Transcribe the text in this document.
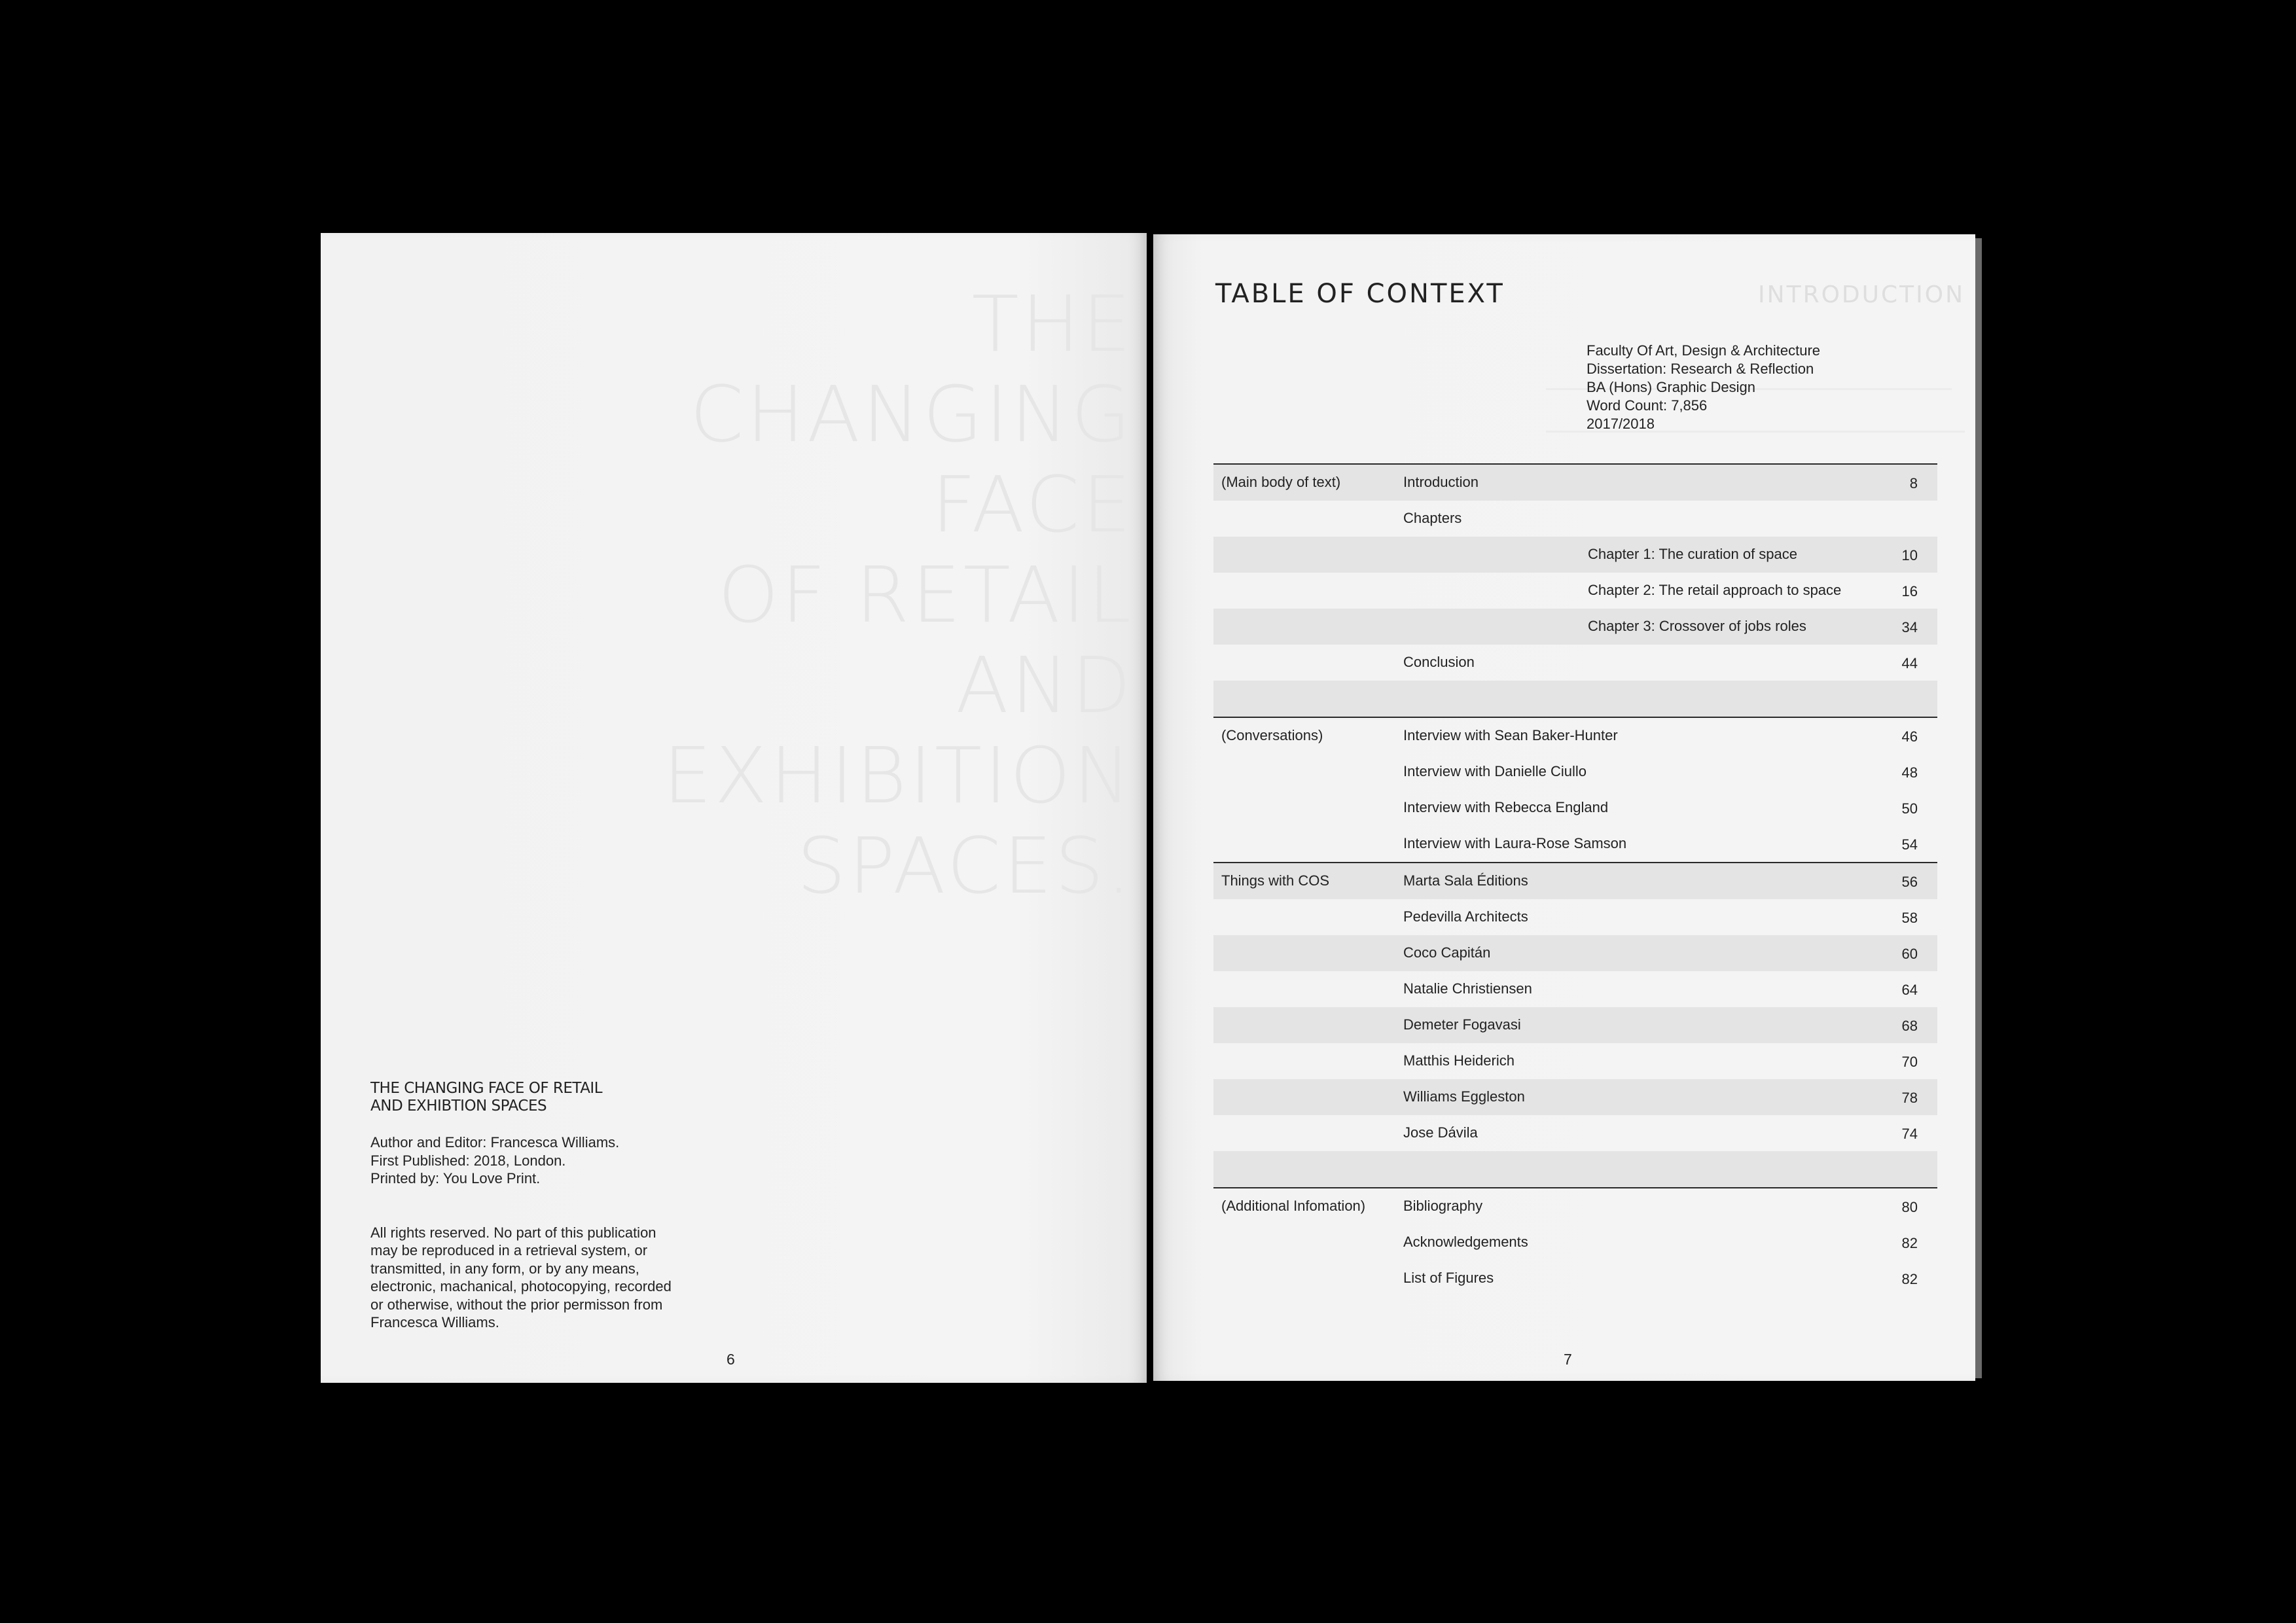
THE
CHANGING
FACE
OF RETAIL
AND
EXHIBITION
SPACES.
THE CHANGING FACE OF RETAIL
AND EXHIBTION SPACES
Author and Editor: Francesca Williams.
First Published: 2018, London.
Printed by: You Love Print.
All rights reserved. No part of this publication
may be reproduced in a retrieval system, or
transmitted, in any form, or by any means,
electronic, machanical, photocopying, recorded
or otherwise, without the prior permisson from
Francesca Williams.
6
INTRODUCTION
TABLE OF CONTEXT
Faculty Of Art, Design & Architecture
Dissertation: Research & Reflection
BA (Hons) Graphic Design
Word Count: 7,856
2017/2018
(Main body of text)	Introduction	8
Chapters
Chapter 1: The curation of space	10
Chapter 2: The retail approach to space	16
Chapter 3: Crossover of jobs roles	34
Conclusion	44
(Conversations)	Interview with Sean Baker-Hunter	46
Interview with Danielle Ciullo	48
Interview with Rebecca England	50
Interview with Laura-Rose Samson	54
Things with COS	Marta Sala Éditions	56
Pedevilla Architects	58
Coco Capitán	60
Natalie Christiensen	64
Demeter Fogavasi	68
Matthis Heiderich	70
Williams Eggleston	78
Jose Dávila	74
(Additional Infomation)	Bibliography	80
Acknowledgements	82
List of Figures	82
7
